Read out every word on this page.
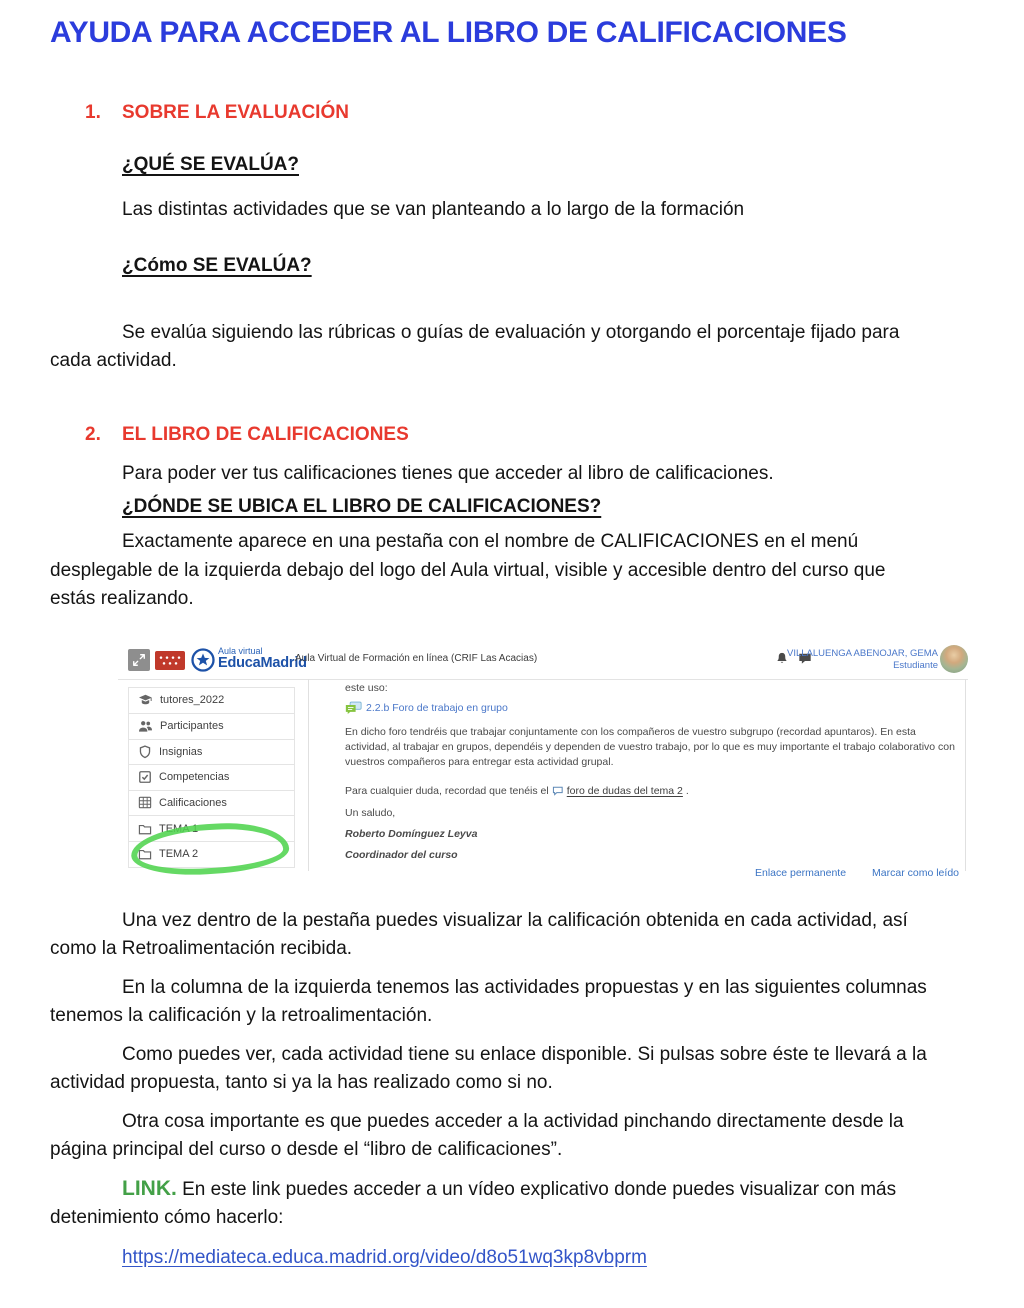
AYUDA PARA ACCEDER AL LIBRO DE CALIFICACIONES
1.	SOBRE LA EVALUACIÓN
¿QUÉ SE EVALÚA?

Las distintas actividades que se van planteando a lo largo de la formación

¿Cómo SE EVALÚA?

Se evalúa siguiendo las rúbricas o guías de evaluación y otorgando el porcentaje fijado para cada actividad.

2.	EL LIBRO DE CALIFICACIONES

Para poder ver tus calificaciones tienes que acceder al libro de calificaciones.

¿DÓNDE SE UBICA EL LIBRO DE CALIFICACIONES?

Exactamente aparece en una pestaña con el nombre de CALIFICACIONES en el menú desplegable de la izquierda debajo del logo del Aula virtual, visible y accesible dentro del curso que estás realizando.

Aula virtual
EducaMadrid
Aula Virtual de Formación en línea (CRIF Las Acacias)	VILLALUENGA ABENOJAR, GEMA
Estudiante
tutores_2022
Participantes
Insignias
Competencias
Calificaciones
TEMA 1
TEMA 2
este uso:
2.2.b Foro de trabajo en grupo
En dicho foro tendréis que trabajar conjuntamente con los compañeros de vuestro subgrupo (recordad apuntaros). En esta actividad, al trabajar en grupos, dependéis y dependen de vuestro trabajo, por lo que es muy importante el trabajo colaborativo con vuestros compañeros para entregar esta actividad grupal.
Para cualquier duda, recordad que tenéis el foro de dudas del tema 2 .
Un saludo,
Roberto Domínguez Leyva
Coordinador del curso
Enlace permanente Marcar como leído

Una vez dentro de la pestaña puedes visualizar la calificación obtenida en cada actividad, así como la Retroalimentación recibida.

En la columna de la izquierda tenemos las actividades propuestas y en las siguientes columnas tenemos la calificación y la retroalimentación.

Como puedes ver, cada actividad tiene su enlace disponible. Si pulsas sobre éste te llevará a la actividad propuesta, tanto si ya la has realizado como si no.

Otra cosa importante es que puedes acceder a la actividad pinchando directamente desde la página principal del curso o desde el “libro de calificaciones”.

LINK. En este link puedes acceder a un vídeo explicativo donde puedes visualizar con más detenimiento cómo hacerlo:

https://mediateca.educa.madrid.org/video/d8o51wq3kp8vbprm
